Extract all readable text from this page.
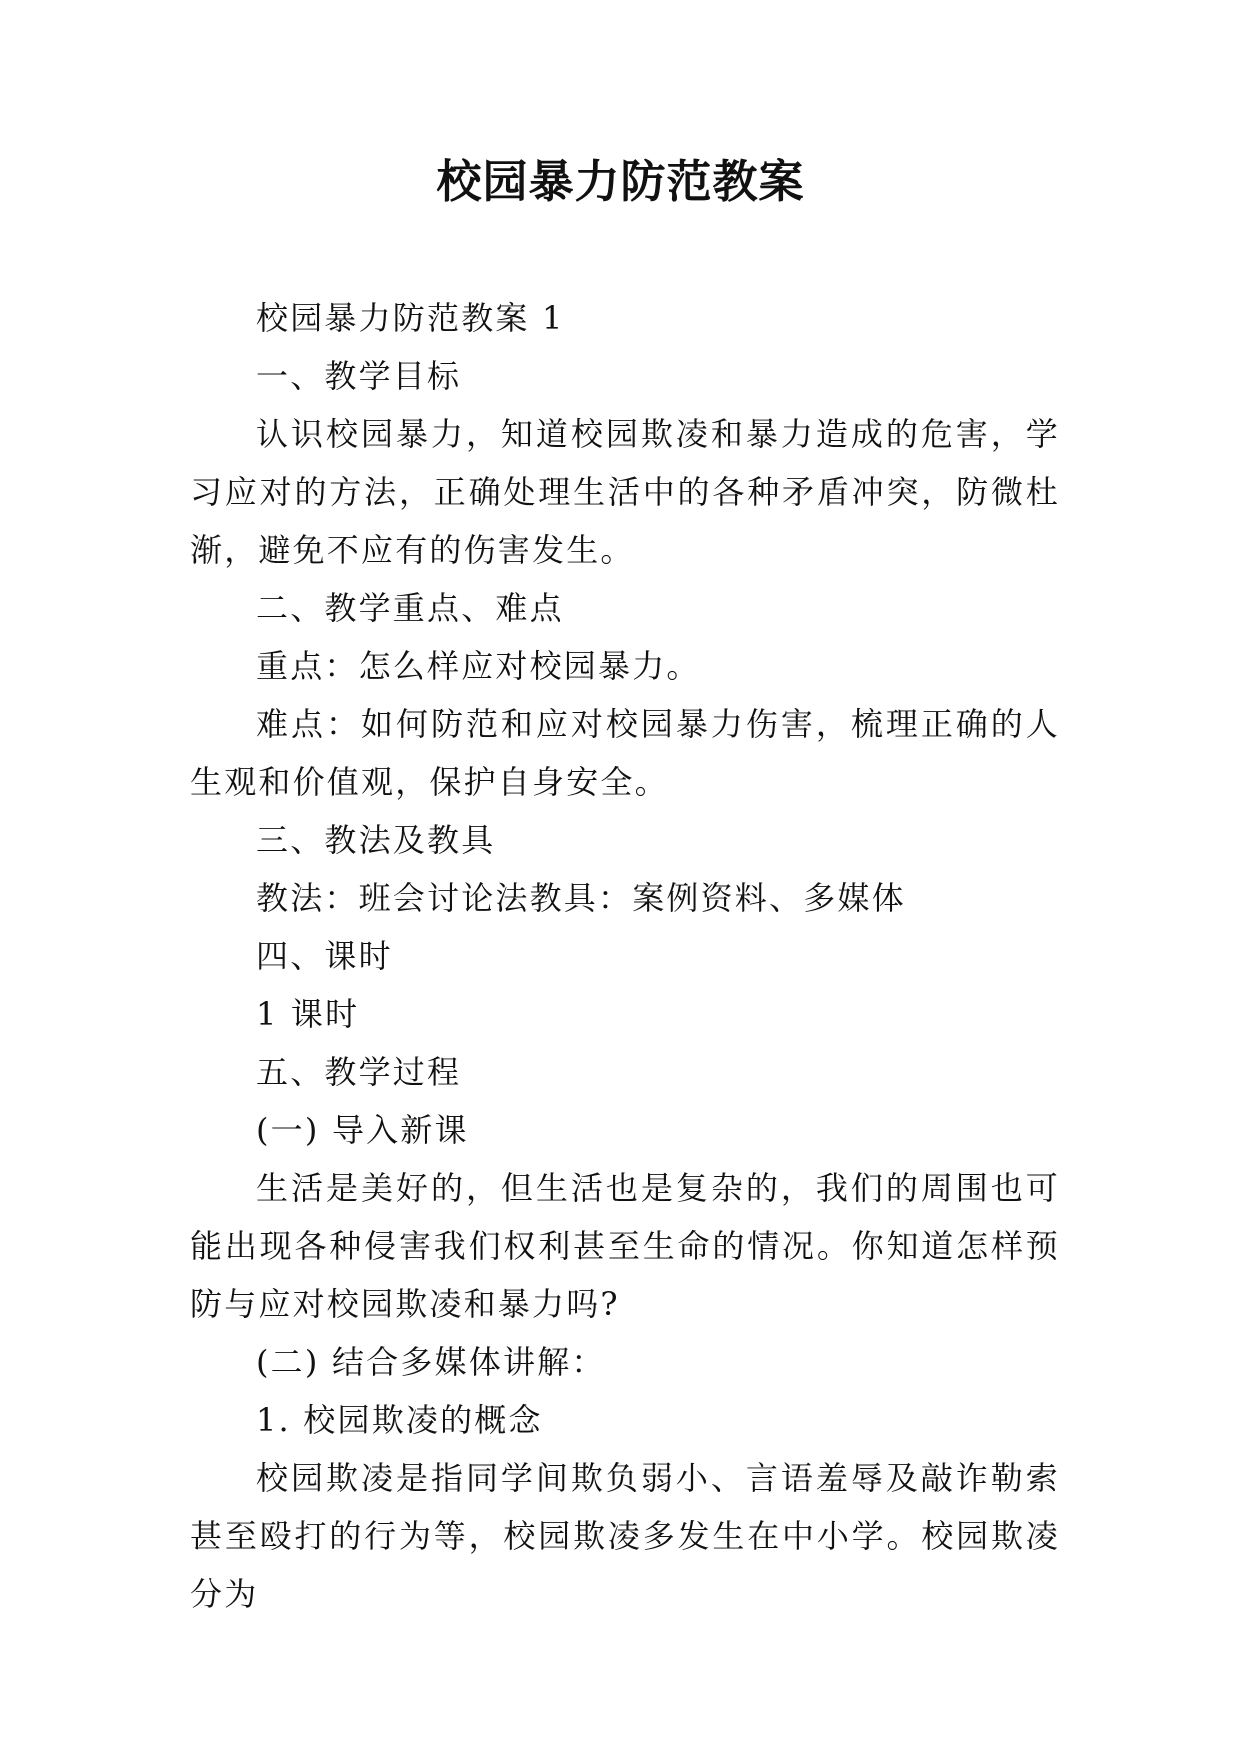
校园暴力防范教案

校园暴力防范教案 1

一、教学目标

认识校园暴力，知道校园欺凌和暴力造成的危害，学习应对的方法，正确处理生活中的各种矛盾冲突，防微杜渐，避免不应有的伤害发生。

二、教学重点、难点

重点：怎么样应对校园暴力。

难点：如何防范和应对校园暴力伤害，梳理正确的人生观和价值观，保护自身安全。

三、教法及教具

教法：班会讨论法教具：案例资料、多媒体

四、课时

1 课时

五、教学过程

(一) 导入新课

生活是美好的，但生活也是复杂的，我们的周围也可能出现各种侵害我们权利甚至生命的情况。你知道怎样预防与应对校园欺凌和暴力吗?

(二) 结合多媒体讲解：

1. 校园欺凌的概念

校园欺凌是指同学间欺负弱小、言语羞辱及敲诈勒索甚至殴打的行为等，校园欺凌多发生在中小学。校园欺凌分为
